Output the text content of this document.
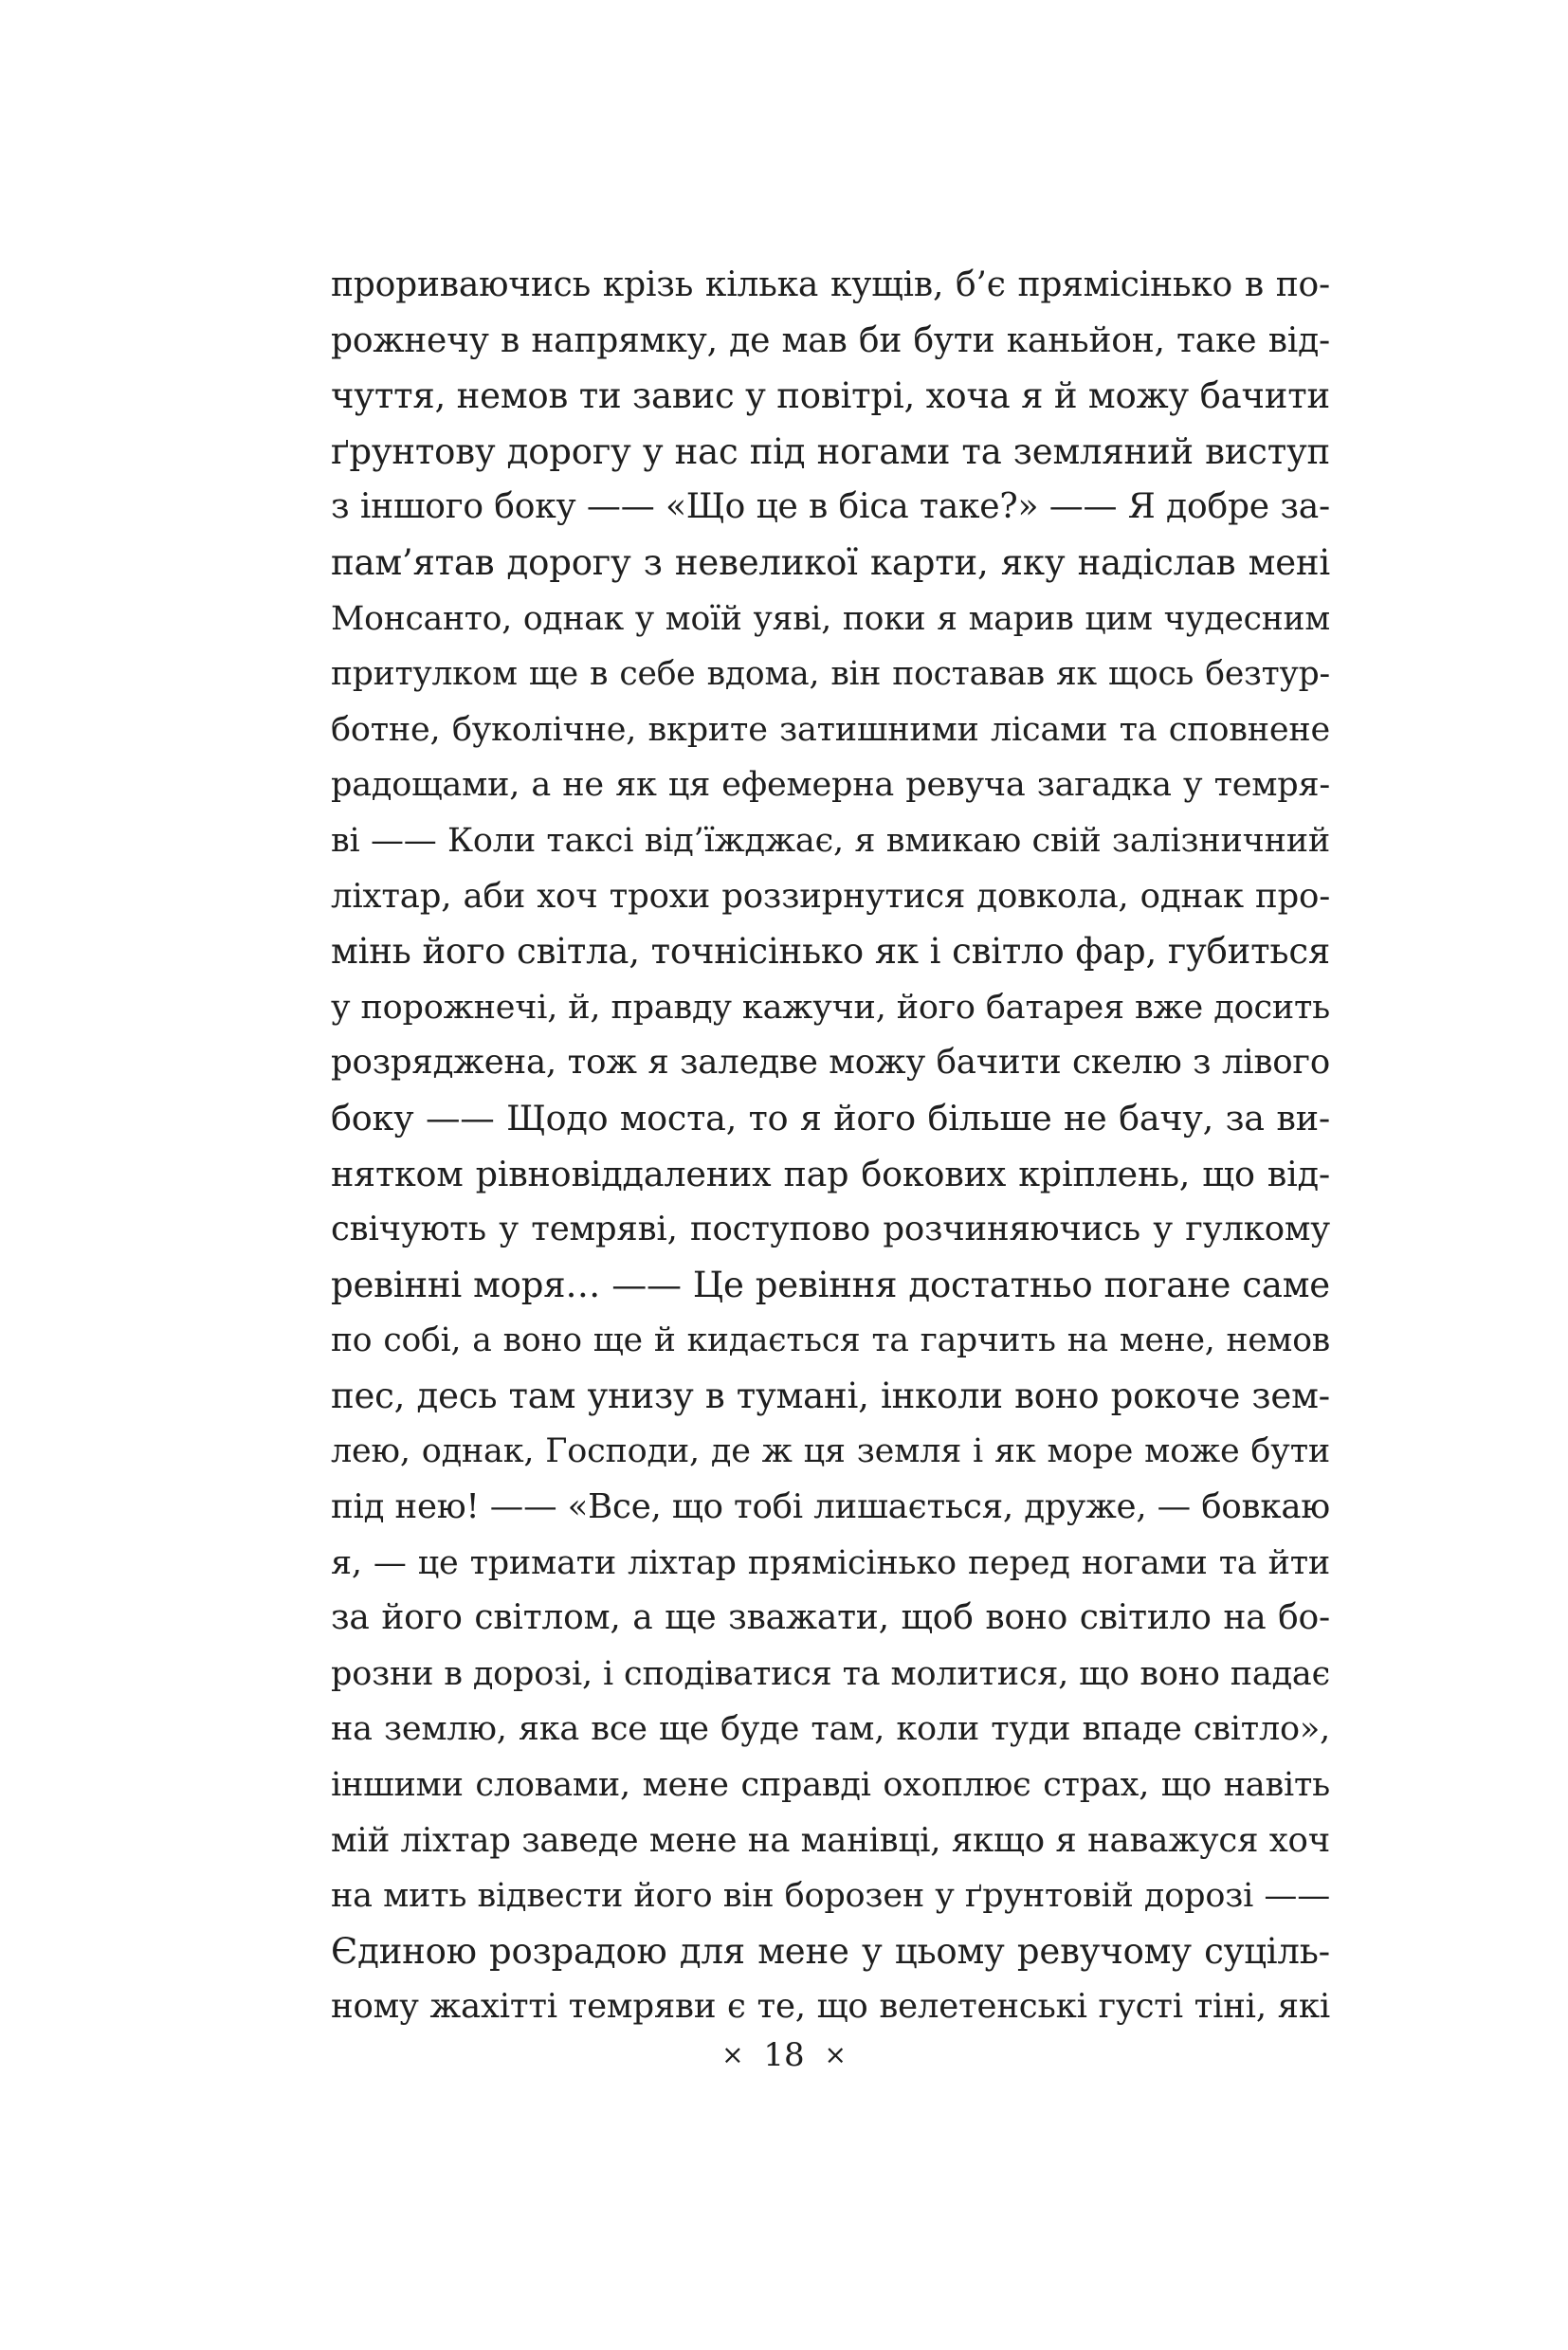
прориваючись крізь кілька кущів, б’є прямісінько в по-
рожнечу в напрямку, де мав би бути каньйон, таке від-
чуття, немов ти завис у повітрі, хоча я й можу бачити
ґрунтову дорогу у нас під ногами та земляний виступ
з іншого боку —— «Що це в біса таке?» —— Я добре за-
пам’ятав дорогу з невеликої карти, яку надіслав мені
Монсанто, однак у моїй уяві, поки я марив цим чудесним
притулком ще в себе вдома, він поставав як щось безтур-
ботне, буколічне, вкрите затишними лісами та сповнене
радощами, а не як ця ефемерна ревуча загадка у темря-
ві —— Коли таксі від’їжджає, я вмикаю свій залізничний
ліхтар, аби хоч трохи роззирнутися довкола, однак про-
мінь його світла, точнісінько як і світло фар, губиться
у порожнечі, й, правду кажучи, його батарея вже досить
розряджена, тож я заледве можу бачити скелю з лівого
боку —— Щодо моста, то я його більше не бачу, за ви-
нятком рівновіддалених пар бокових кріплень, що від-
свічують у темряві, поступово розчиняючись у гулкому
ревінні моря… —— Це ревіння достатньо погане саме
по собі, а воно ще й кидається та гарчить на мене, немов
пес, десь там унизу в тумані, інколи воно рокоче зем-
лею, однак, Господи, де ж ця земля і як море може бути
під нею! —— «Все, що тобі лишається, друже, — бовкаю
я, — це тримати ліхтар прямісінько перед ногами та йти
за його світлом, а ще зважати, щоб воно світило на бо-
розни в дорозі, і сподіватися та молитися, що воно падає
на землю, яка все ще буде там, коли туди впаде світло»,
іншими словами, мене справді охоплює страх, що навіть
мій ліхтар заведе мене на манівці, якщо я наважуся хоч
на мить відвести його він борозен у ґрунтовій дорозі ——
Єдиною розрадою для мене у цьому ревучому суціль-
ному жахітті темряви є те, що велетенські густі тіні, які
× 18 ×
